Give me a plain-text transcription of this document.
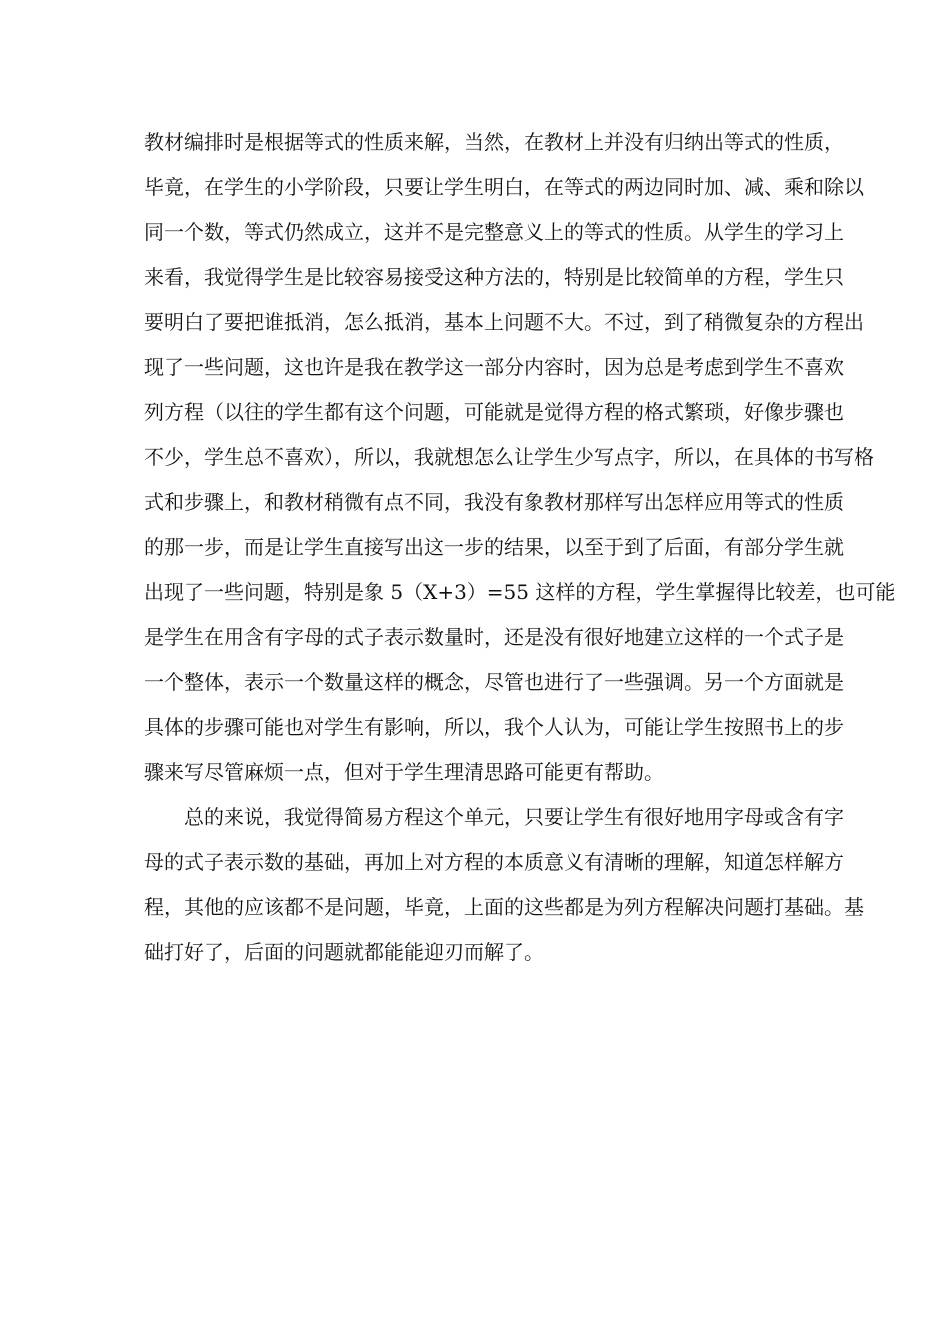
教材编排时是根据等式的性质来解，当然，在教材上并没有归纳出等式的性质，
毕竟，在学生的小学阶段，只要让学生明白，在等式的两边同时加、减、乘和除以
同一个数，等式仍然成立，这并不是完整意义上的等式的性质。从学生的学习上
来看，我觉得学生是比较容易接受这种方法的，特别是比较简单的方程，学生只
要明白了要把谁抵消，怎么抵消，基本上问题不大。不过，到了稍微复杂的方程出
现了一些问题，这也许是我在教学这一部分内容时，因为总是考虑到学生不喜欢
列方程（以往的学生都有这个问题，可能就是觉得方程的格式繁琐，好像步骤也
不少，学生总不喜欢），所以，我就想怎么让学生少写点字，所以，在具体的书写格
式和步骤上，和教材稍微有点不同，我没有象教材那样写出怎样应用等式的性质
的那一步，而是让学生直接写出这一步的结果，以至于到了后面，有部分学生就
出现了一些问题，特别是象 5（X+3）=55 这样的方程，学生掌握得比较差，也可能
是学生在用含有字母的式子表示数量时，还是没有很好地建立这样的一个式子是
一个整体，表示一个数量这样的概念，尽管也进行了一些强调。另一个方面就是
具体的步骤可能也对学生有影响，所以，我个人认为，可能让学生按照书上的步
骤来写尽管麻烦一点，但对于学生理清思路可能更有帮助。
总的来说，我觉得简易方程这个单元，只要让学生有很好地用字母或含有字
母的式子表示数的基础，再加上对方程的本质意义有清晰的理解，知道怎样解方
程，其他的应该都不是问题，毕竟，上面的这些都是为列方程解决问题打基础。基
础打好了，后面的问题就都能能迎刃而解了。
